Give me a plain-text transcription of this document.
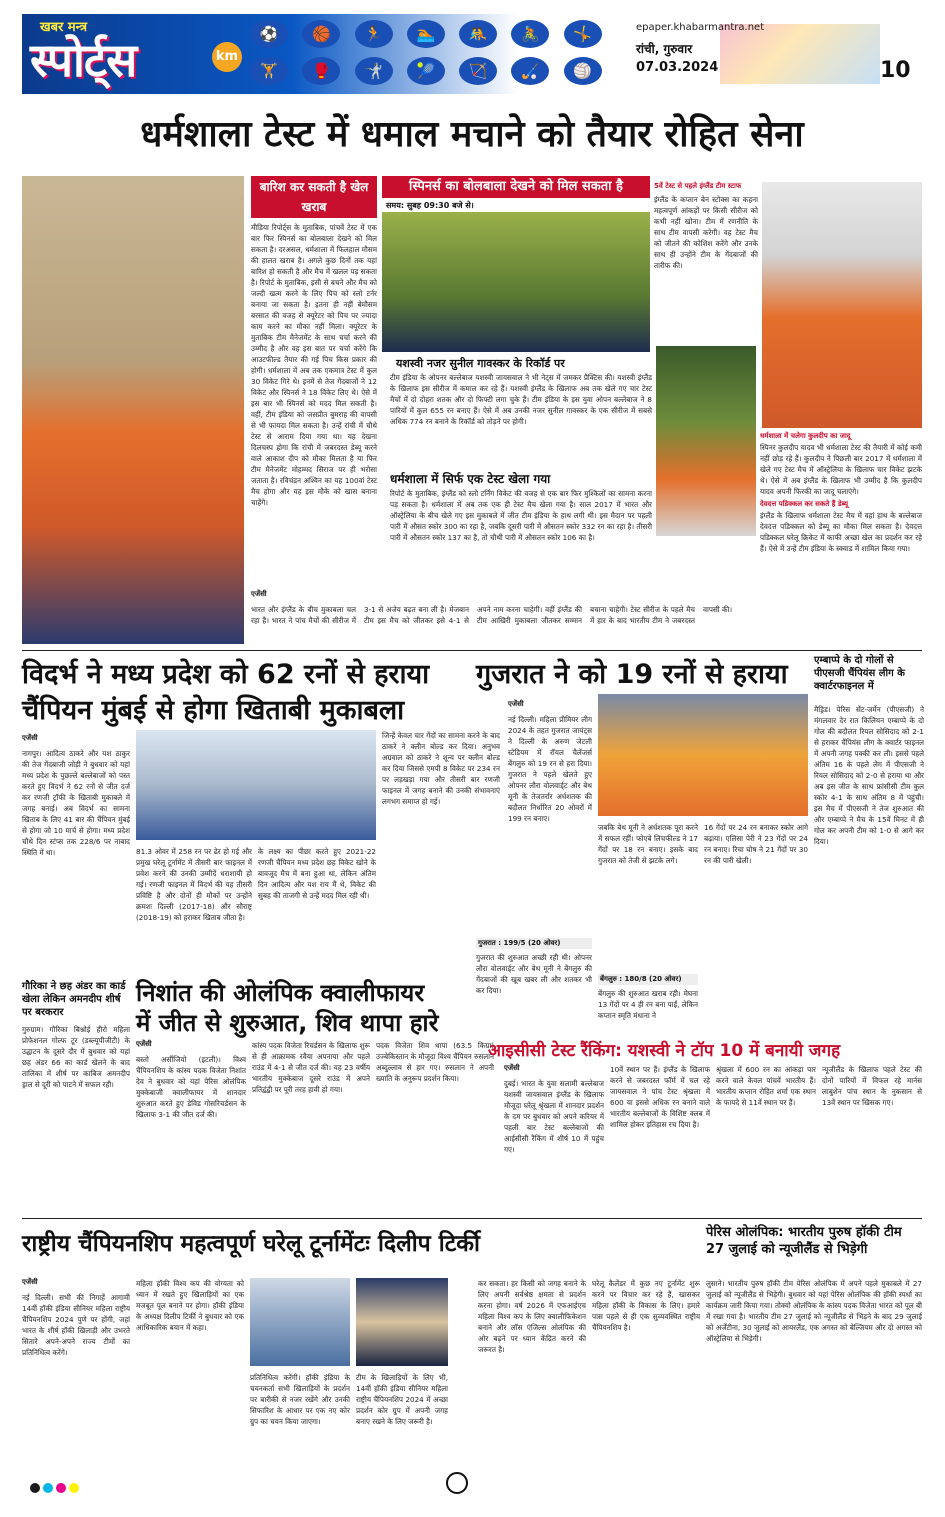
खबर मन्त्र
स्पोर्ट्स	km
⚽	🏀	🏃	🏊	🤼	🚴	🤸
🏋	🥊	🤺	🎾	🏹	🏑	🏐
epaper.khabarmantra.net
रांची, गुरुवार
07.03.2024	10
धर्मशाला टेस्ट में धमाल मचाने को तैयार रोहित सेना
बारिश कर सकती है खेल खराब
मीडिया रिपोर्ट्स के मुताबिक, पांचवें टेस्ट में एक बार फिर स्पिनर्स का बोलबाला देखने को मिल सकता है। दरअसल, धर्मशाला में फिलहाल मौसम की हालत खराब है। अगले कुछ दिनों तक यहां बारिश हो सकती है और मैच में खलल पड़ सकता है। रिपोर्ट के मुताबिक, इसी से बचने और मैच को जल्दी खत्म करने के लिए पिच को स्लो टर्नर बनाया जा सकता है। इतना ही नहीं बेमौसम बरसात की वजह से क्यूरेटर को पिच पर ज्यादा काम करने का मौका नहीं मिला। क्यूरेटर के मुताबिक टीम मैनेजमेंट के साथ चर्चा करने की उम्मीद है और वह इस बात पर चर्चा करेंगे कि आउटफील्ड तैयार की गई पिच किस प्रकार की होगी। धर्मशाला में अब तक एकमात्र टेस्ट में कुल 30 विकेट गिरे थे। इनमें से तेज गेंदबाजों ने 12 विकेट और स्पिनर्स ने 18 विकेट लिए थे। ऐसे में इस बार भी स्पिनर्स को मदद मिल सकती है। वहीं, टीम इंडिया को जसप्रीत बुमराह की वापसी से भी फायदा मिल सकता है। उन्हें रांची में चौथे टेस्ट से आराम दिया गया था। यह देखना दिलचस्प होगा कि रांची में जबरदस्त डेब्यू करने वाले आकाश दीप को मौका मिलता है या फिर टीम मैनेजमेंट मोहम्मद सिराज पर ही भरोसा जताता है। रविचंद्रन अश्विन का यह 100वां टेस्ट मैच होगा और यह इस मौके को खास बनाना चाहेंगे।
स्पिनर्स का बोलबाला देखने को मिल सकता है
समय: सुबह 09:30 बजे से।
5वें टेस्ट से पहले इंग्लैंड टीम स्टाफ
इंग्लैंड के कप्तान बेन स्टोक्स का कहना महत्वपूर्ण आंकड़ों पर किसी सीरीज को कभी नहीं खोना। टीम में रणनीति के साथ टीम वापसी करेगी। वह टेस्ट मैच को जीतने की कोशिश करेंगे और उनके साथ ही उन्होंने टीम के गेंदबाजों की तारीफ की।
यशस्वी नजर सुनील गावस्कर के रिकॉर्ड पर
टीम इंडिया के ओपनर बल्लेबाज यशस्वी जायसवाल ने भी नेट्स में जमकर प्रैक्टिस की। यशस्वी इंग्लैंड के खिलाफ इस सीरीज में कमाल कर रहे हैं। यशस्वी इंग्लैंड के खिलाफ अब तक खेले गए चार टेस्ट मैचों में दो दोहरा शतक और दो फिफ्टी लगा चुके हैं। टीम इंडिया के इस युवा ओपन बल्लेबाज ने 8 पारियों में कुल 655 रन बनाए हैं। ऐसे में अब उनकी नजर सुनील गावस्कर के एक सीरीज में सबसे अधिक 774 रन बनाने के रिकॉर्ड को तोड़ने पर होगी।
धर्मशाला में सिर्फ एक टेस्ट खेला गया
रिपोर्ट के मुताबिक, इंग्लैंड को स्लो टर्निंग विकेट की वजह से एक बार फिर मुश्किलों का सामना करना पड़ सकता है। धर्मशाला में अब तक एक ही टेस्ट मैच खेला गया है। साल 2017 में भारत और ऑस्ट्रेलिया के बीच खेले गए इस मुकाबले में जीत टीम इंडिया के हाथ लगी थी। इस मैदान पर पहली पारी में औसत स्कोर 300 का रहा है, जबकि दूसरी पारी में औसतन स्कोर 332 रन का रहा है। तीसरी पारी में औसतन स्कोर 137 का है, तो चौथी पारी में औसतन स्कोर 106 का है।
धर्मशाला में चलेगा कुलदीप का जादू
स्पिनर कुलदीप यादव भी धर्मशाला टेस्ट की तैयारी में कोई कमी नहीं छोड़ रहे हैं। कुलदीप ने पिछली बार 2017 में धर्मशाला में खेले गए टेस्ट मैच में ऑस्ट्रेलिया के खिलाफ चार विकेट झटके थे। ऐसे में अब इंग्लैंड के खिलाफ भी उम्मीद है कि कुलदीप यादव अपनी फिरकी का जादू चलाएंगे।
देवदत्त पडिक्कल कर सकते हैं डेब्यू
इंग्लैंड के खिलाफ धर्मशाला टेस्ट मैच में वहां हाथ के बल्लेबाज देवदत्त पडिक्कल को डेब्यू का मौका मिल सकता है। देवदत्त पडिक्कल घरेलू क्रिकेट में काफी अच्छा खेल का प्रदर्शन कर रहे हैं। ऐसे में उन्हें टीम इंडिया के स्क्वाड में शामिल किया गया।
एजेंसी
भारत और इंग्लैंड के बीच मुकाबला चल रहा है। भारत ने पांच मैचों की सीरीज में 3-1 से अजेय बढ़त बना ली है। मेजबान टीम इस मैच को जीतकर इसे 4-1 से अपने नाम करना चाहेगी। वहीं इंग्लैंड की टीम आखिरी मुकाबला जीतकर सम्मान बचाना चाहेगी। टेस्ट सीरीज के पहले मैच में हार के बाद भारतीय टीम ने जबरदस्त वापसी की।
विदर्भ ने मध्य प्रदेश को 62 रनों से हराया
चैंपियन मुंबई से होगा खिताबी मुकाबला
एजेंसी
नागपुर। आदित्य ठाकरे और यश ठाकुर की तेज गेंदबाजी जोड़ी ने बुधवार को यहां मध्य प्रदेश के पुछल्ले बल्लेबाजों को पस्त करते हुए विदर्भ ने 62 रनों से जीत दर्ज कर रणजी ट्रॉफी के खिताबी मुकाबले में जगह बनाई। अब विदर्भ का सामना खिताब के लिए 41 बार की चैंपियन मुंबई से होगा जो 10 मार्च से होगा। मध्य प्रदेश चौथे दिन स्टंप्स तक 228/6 पर नाबाद स्थिति में था।	81.3 ओवर में 258 रन पर ढेर हो गई और प्रमुख घरेलू टूर्नामेंट में तीसरी बार फाइनल में प्रवेश करने की उनकी उम्मीदें धराशायी हो गई। रणजी फाइनल में विदर्भ की यह तीसरी प्रविष्टि है और दोनों ही मौकों पर उन्होंने क्रमशः दिल्ली (2017-18) और सौराष्ट्र (2018-19) को हराकर खिताब जीता है।
के लक्ष्य का पीछा करते हुए 2021-22 रणजी चैंपियन मध्य प्रदेश छह विकेट खोने के बावजूद मैच में बना हुआ था, लेकिन अंतिम दिन आदित्य और यश राय मैं थे, विकेट की सुबह की ताजगी से उन्हें मदद मिल रही थी।
जिन्हें केवल चार गेंदों का सामना करने के बाद ठाकरे ने क्लीन बोल्ड कर दिया। अनुभव अग्रवाल को ठाकरे ने शून्य पर क्लीन बोल्ड कर दिया जिससे एमपी 8 विकेट पर 234 रन पर लड़खड़ा गया और तीसरी बार रणजी फाइनल में जगह बनाने की उनकी संभावनाएं लगभग समाप्त हो गई।
गौरिका ने छह अंडर का कार्ड खेला लेकिन अमनदीप शीर्ष पर बरकरार
गुरुग्राम। गौरिका बिश्नोई हीरो महिला प्रोफेशनल गोल्फ टूर (डब्ल्यूपीजीटी) के उद्घाटन के दूसरे दौर में बुधवार को यहां छह अंडर 66 का कार्ड खेलने के बाद तालिका में शीर्ष पर काबिज अमनदीप ड्राल से दूरी को पाटने में सफल रही।
निशांत की ओलंपिक क्वालीफायर
में जीत से शुरुआत, शिव थापा हारे
एजेंसी
बस्तो अर्सीजियो (इटली)। विश्व चैंपियनशिप के कांस्य पदक विजेता निशांत देव ने बुधवार को यहां पेरिस ओलंपिक मुक्केबाजी क्वालीफायर में शानदार शुरुआत करते हुए डेविड गोसरिचर्डसन के खिलाफ 3-1 की जीत दर्ज की।
कांस्य पदक विजेता रिचर्डसन के खिलाफ शुरू से ही आक्रामक रवैया अपनाया और पहले राउंड में 4-1 से जीत दर्ज की। यह 23 वर्षीय भारतीय मुक्केबाज दूसरे राउंड में अपने प्रतिद्वंद्वी पर पूरी तरह हावी हो गया।
पदक विजेता शिव थापा (63.5 किग्रा) उज्बेकिस्तान के मौजूदा विश्व चैंपियन रुसलान अब्दुल्लाव से हार गए। रुसलान ने अपनी ख्याति के अनुरूप प्रदर्शन किया।
गुजरात ने को 19 रनों से हराया
एजेंसी
नई दिल्ली। महिला प्रीमियर लीग 2024 के तहत गुजरात जायंट्स ने दिल्ली के अरुण जेटली स्टेडियम में रॉयल चैलेंजर्स बेंगलुरु को 19 रन से हरा दिया। गुजरात ने पहले खेलते हुए ओपनर लौरा वोलवार्ड्ट और बेथ मूनी के तेजतर्रार अर्धशतक की बदौलत निर्धारित 20 ओवरों में 199 रन बनाए।
गुजरात : 199/5 (20 ओवर)
गुजरात की शुरुआत अच्छी रही थी। ओपनर लौरा वोलवार्ड्ट और बेथ मूनी ने बेंगलुरु की गेंदबाजों की खूब खबर ली और शतकर भी कर दिया।
जबकि बेथ मूनी ने अर्धशतक पूरा करने में सफल रहीं। फोएबे लिचफील्ड ने 17 गेंदों पर 18 रन बनाए। इसके बाद गुजरात को तेजी से झटके लगे।
बेंगलुरु : 180/8 (20 ओवर)
बेंगलुरु की शुरुआत खराब रही। मेघना 13 गेंदों पर 4 ही रन बना पाईं, लेकिन कप्तान स्मृति मंधाना ने
16 गेंदों पर 24 रन बनाकर स्कोर आगे बढ़ाया। एलिसा पेरी ने 23 गेंदों पर 24 रन बनाए। रिचा घोष ने 21 गेंदों पर 30 रन की पारी खेली।
एम्बाप्पे के दो गोलों से पीएसजी चैंपियंस लीग के क्वार्टरफाइनल में
मैड्रिड। पेरिस सेंट-जर्मेन (पीएसजी) ने मंगलवार देर रात किलियन एम्बाप्पे के दो गोल की बदौलत रियल सोसिदाद को 2-1 से हराकर चैंपियंस लीग के क्वार्टर फाइनल में अपनी जगह पक्की कर ली। इससे पहले अंतिम 16 के पहले लेग में पीएसजी ने रियल सोसिदाद को 2-0 से हराया था और अब इस जीत के साथ फ्रांसीसी टीम कुल स्कोर 4-1 के साथ अंतिम 8 में पहुंची। इस मैच में पीएसजी ने तेज शुरुआत की और एम्बाप्पे ने मैच के 15वें मिनट में ही गोल कर अपनी टीम को 1-0 से आगे कर दिया।
आइसीसी टेस्ट रैंकिंग: यशस्वी ने टॉप 10 में बनायी जगह
एजेंसी
दुबई। भारत के युवा सलामी बल्लेबाज यशस्वी जायसवाल इंग्लैंड के खिलाफ मौजूदा घरेलू श्रृंखला में शानदार प्रदर्शन के दम पर बुधवार को अपने करियर में पहली बार टेस्ट बल्लेबाजों की आईसीसी रैंकिंग में शीर्ष 10 में पहुंच गए।
10वें स्थान पर हैं। इंग्लैंड के खिलाफ करने से जबरदस्त फॉर्म में चल रहे जायसवाल ने पांच टेस्ट श्रृंखला में 600 या इससे अधिक रन बनाने वाले भारतीय बल्लेबाजों के विशिष्ट क्लब में शामिल होकर इतिहास रच दिया है।
श्रृंखला में 600 रन का आंकड़ा पार करने वाले केवल पांचवें भारतीय हैं। भारतीय कप्तान रोहित शर्मा एक स्थान के फायदे से 11वें स्थान पर हैं।
न्यूजीलैंड के खिलाफ पहले टेस्ट की दोनों पारियों में विफल रहे मार्नस लाबुशेन पांच स्थान के नुकसान से 13वें स्थान पर खिसक गए।
राष्ट्रीय चैंपियनशिप महत्वपूर्ण घरेलू टूर्नामेंटः दिलीप टिर्की
एजेंसी
नई दिल्ली। सभी की निगाहें आगामी 14वीं हॉकी इंडिया सीनियर महिला राष्ट्रीय चैंपियनशिप 2024 पुणे पर होंगी, जहां भारत के शीर्ष हॉकी खिलाड़ी और उभरते सितारे अपने-अपने राज्य टीमों का प्रतिनिधित्व करेंगे।
महिला हॉकी विश्व कप की योग्यता को ध्यान में रखते हुए खिलाड़ियों का एक मजबूत पूल बनाने पर होगा। हॉकी इंडिया के अध्यक्ष दिलीप टिर्की ने बुधवार को एक आधिकारिक बयान में कहा।
प्रतिनिधित्व करेंगी। हॉकी इंडिया के चयनकर्ता सभी खिलाड़ियों के प्रदर्शन पर बारीकी से नजर रखेंगे और उनकी सिफारिश के आधार पर एक नए कोर ग्रुप का चयन किया जाएगा।
टीम के खिलाड़ियों के लिए भी, 14वीं हॉकी इंडिया सीनियर महिला राष्ट्रीय चैंपियनशिप 2024 में अच्छा प्रदर्शन कोर ग्रुप में अपनी जगह बनाए रखने के लिए जरूरी है।
कर सकता। हर किसी को जगह बनाने के लिए अपनी सर्वश्रेष्ठ क्षमता से प्रदर्शन करना होगा। वर्ष 2026 में एफआईएच महिला विश्व कप के लिए क्वालीफिकेशन बनाने और लॉस एंजिल्स ओलंपिक की ओर बढ़ने पर ध्यान केंद्रित करने की जरूरत है।
घरेलू कैलेंडर में कुछ नए टूर्नामेंट शुरू करने पर विचार कर रहे हैं, खासकर महिला हॉकी के विकास के लिए। हमारे पास पहले से ही एक सुव्यवस्थित राष्ट्रीय चैंपियनशिप है।
पेरिस ओलंपिक: भारतीय पुरुष हॉकी टीम 27 जुलाई को न्यूजीलैंड से भिड़ेगी
लुसाने। भारतीय पुरुष हॉकी टीम पेरिस ओलंपिक में अपने पहले मुकाबले में 27 जुलाई को न्यूजीलैंड से भिड़ेगी। बुधवार को यहां पेरिस ओलंपिक की हॉकी स्पर्धा का कार्यक्रम जारी किया गया। तोक्यो ओलंपिक के कांस्य पदक विजेता भारत को पूल बी में रखा गया है। भारतीय टीम 27 जुलाई को न्यूजीलैंड से भिड़ने के बाद 29 जुलाई को अर्जेंटीना, 30 जुलाई को आयरलैंड, एक अगस्त को बेल्जियम और दो अगस्त को ऑस्ट्रेलिया से भिड़ेगी।
